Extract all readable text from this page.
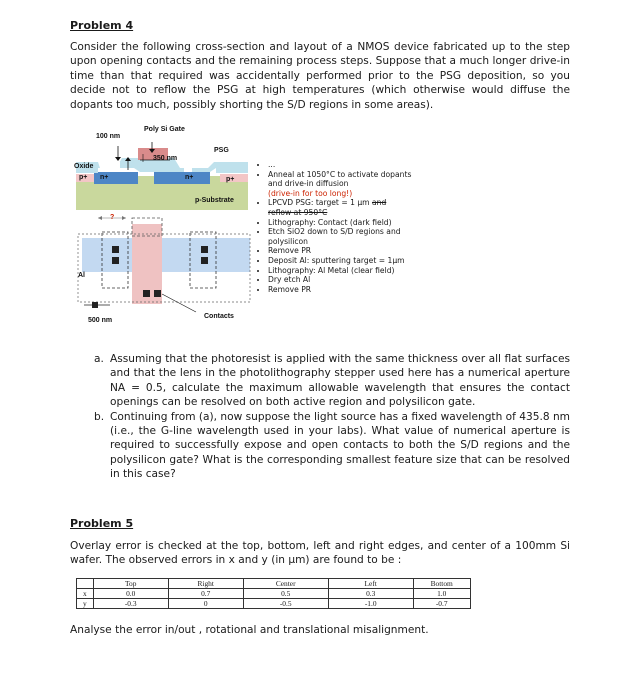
Problem 4
Consider the following cross-section and layout of a NMOS device fabricated up to the step upon opening contacts and the remaining process steps. Suppose that a much longer drive-in time than that required was accidentally performed prior to the PSG deposition, so you decide not to reflow the PSG at high temperatures (which otherwise would diffuse the dopants too much, possibly shorting the S/D regions in some areas).
100 nm
Poly Si Gate
350 nm
PSG
Oxide
p+ n+	n+	p+
p-Substrate
?
Al
Contacts
500 nm
• ...
• Anneal at 1050°C to activate dopants and drive-in diffusion
(drive-in for too long!)
• LPCVD PSG: target = 1 μm and
reflow at 950°C
• Lithography: Contact (dark field)
• Etch SiO2 down to S/D regions and polysilicon
• Remove PR
• Deposit Al: sputtering target = 1μm
• Lithography: Al Metal (clear field)
• Dry etch Al
• Remove PR
a. Assuming that the photoresist is applied with the same thickness over all flat surfaces and that the lens in the photolithography stepper used here has a numerical aperture NA = 0.5, calculate the maximum allowable wavelength that ensures the contact openings can be resolved on both active region and polysilicon gate.
b. Continuing from (a), now suppose the light source has a fixed wavelength of 435.8 nm (i.e., the G-line wavelength used in your labs). What value of numerical aperture is required to successfully expose and open contacts to both the S/D regions and the polysilicon gate? What is the corresponding smallest feature size that can be resolved in this case?
Problem 5
Overlay error is checked at the top, bottom, left and right edges, and center of a 100mm Si wafer. The observed errors in x and y (in µm) are found to be :
	Top	Right	Center	Left	Bottom
x	0.0	0.7	0.5	0.3	1.0
y	-0.3	0	-0.5	-1.0	-0.7
Analyse the error in/out , rotational and translational misalignment.
